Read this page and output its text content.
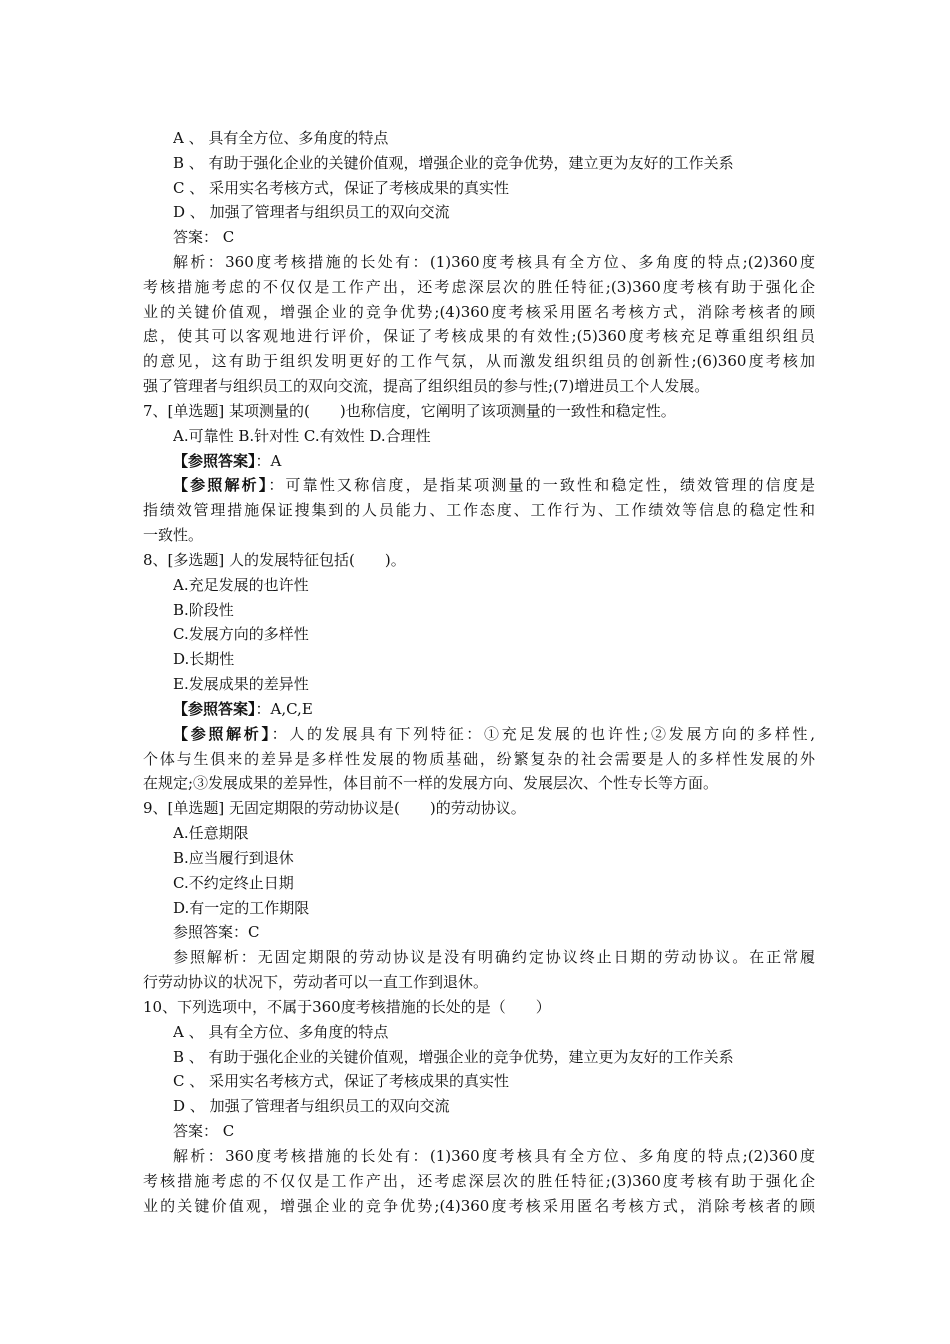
A 、 具有全方位、多角度的特点
B 、 有助于强化企业的关键价值观，增强企业的竞争优势，建立更为友好的工作关系
C 、 采用实名考核方式，保证了考核成果的真实性
D 、 加强了管理者与组织员工的双向交流
答案： C
解析：360度考核措施的长处有：(1)360度考核具有全方位、多角度的特点;(2)360度
考核措施考虑的不仅仅是工作产出，还考虑深层次的胜任特征;(3)360度考核有助于强化企
业的关键价值观，增强企业的竞争优势;(4)360度考核采用匿名考核方式，消除考核者的顾
虑，使其可以客观地进行评价，保证了考核成果的有效性;(5)360度考核充足尊重组织组员
的意见，这有助于组织发明更好的工作气氛，从而激发组织组员的创新性;(6)360度考核加
强了管理者与组织员工的双向交流，提高了组织组员的参与性;(7)增进员工个人发展。
7、[单选题] 某项测量的(　　)也称信度，它阐明了该项测量的一致性和稳定性。
A.可靠性 B.针对性 C.有效性 D.合理性
【参照答案】：A
【参照解析】：可靠性又称信度，是指某项测量的一致性和稳定性，绩效管理的信度是
指绩效管理措施保证搜集到的人员能力、工作态度、工作行为、工作绩效等信息的稳定性和
一致性。
8、[多选题] 人的发展特征包括(　　)。
A.充足发展的也许性
B.阶段性
C.发展方向的多样性
D.长期性
E.发展成果的差异性
【参照答案】：A,C,E
【参照解析】：人的发展具有下列特征：①充足发展的也许性;②发展方向的多样性,
个体与生俱来的差异是多样性发展的物质基础，纷繁复杂的社会需要是人的多样性发展的外
在规定;③发展成果的差异性，体目前不一样的发展方向、发展层次、个性专长等方面。
9、[单选题] 无固定期限的劳动协议是(　　)的劳动协议。
A.任意期限
B.应当履行到退休
C.不约定终止日期
D.有一定的工作期限
参照答案：C
参照解析：无固定期限的劳动协议是没有明确约定协议终止日期的劳动协议。在正常履
行劳动协议的状况下，劳动者可以一直工作到退休。
10、下列选项中，不属于360度考核措施的长处的是（　　）
A 、 具有全方位、多角度的特点
B 、 有助于强化企业的关键价值观，增强企业的竞争优势，建立更为友好的工作关系
C 、 采用实名考核方式，保证了考核成果的真实性
D 、 加强了管理者与组织员工的双向交流
答案： C
解析：360度考核措施的长处有：(1)360度考核具有全方位、多角度的特点;(2)360度
考核措施考虑的不仅仅是工作产出，还考虑深层次的胜任特征;(3)360度考核有助于强化企
业的关键价值观，增强企业的竞争优势;(4)360度考核采用匿名考核方式，消除考核者的顾
